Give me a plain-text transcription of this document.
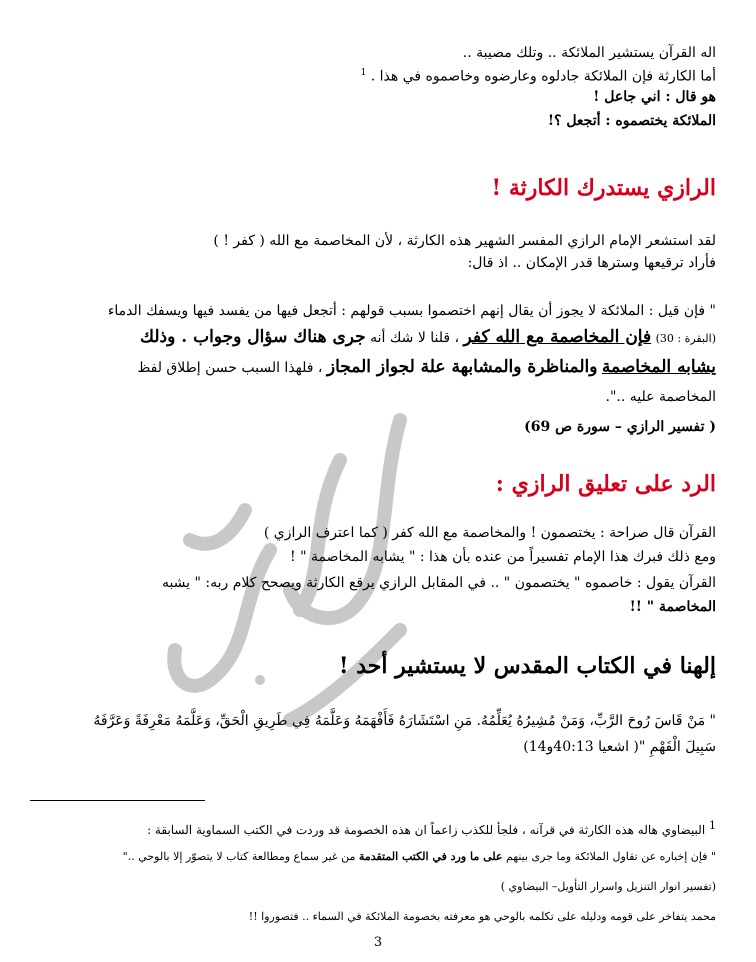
اله القرآن يستشير الملائكة .. وتلك مصيبة ..
أما الكارثة فإن الملائكة جادلوه وعارضوه وخاصموه في هذا . $^1$
هو قال : اني جاعل !
الملائكة يختصموه : أتجعل ؟!
الرازي يستدرك الكارثة !
لقد استشعر الإمام الرازي المفسر الشهير هذه الكارثة ، لأن المخاصمة مع الله ( كفر ! )
فأراد ترقيعها وسترها قدر الإمكان .. اذ قال:
" فإن قيل : الملائكة لا يجوز أن يقال إنهم اختصموا بسبب قولهم : أتجعل فيها من يفسد فيها ويسفك الدماء
(البقرة : 30) فإن المخاصمة مع الله كفر ، قلنا لا شك أنه جرى هناك سؤال وجواب . وذلك
يشابه المخاصمة والمناظرة والمشابهة علة لجواز المجاز ، فلهذا السبب حسن إطلاق لفظ
المخاصمة عليه ..".
( تفسير الرازي – سورة ص 69)
الرد على تعليق الرازي :
القرآن قال صراحة : يختصمون ! والمخاصمة مع الله كفر ( كما اعترف الرازي )
ومع ذلك فبرك هذا الإمام تفسيراً من عنده بأن هذا : " يشابه المخاصمة " !
القرآن يقول : خاصموه " يختصمون " .. في المقابل الرازي يرقع الكارثة ويصحح كلام ربه: " يشبه
المخاصمة " !!
إلهنا في الكتاب المقدس لا يستشير أحد !
" مَنْ قَاسَ رُوحَ الرَّبِّ، وَمَنْ مُشِيرُهُ يُعَلِّمُهُ. مَنِ اسْتَشَارَهُ فَأَفْهَمَهُ وَعَلَّمَهُ فِي طَرِيقِ الْحَقِّ، وَعَلَّمَهُ مَعْرِفَةً وَعَرَّفَهُ
سَبِيلَ الْفَهْمِ "( اشعيا 40:13و14)
1 البيضاوي هاله هذه الكارثة في قرآنه ، فلجأ للكذب زاعماً ان هذه الخصومة قد وردت في الكتب السماوية السابقة :
" فإن إخباره عن تقاول الملائكة وما جرى بينهم على ما ورد في الكتب المتقدمة من غير سماع ومطالعة كتاب لا يتصوّر إلا بالوحي .."
(تفسير انوار التنزيل واسرار التأويل– البيضاوي )
محمد يتفاخر على قومه ودليله على تكلمه بالوحي هو معرفته بخصومة الملائكة في السماء .. فتصوروا !!
3
